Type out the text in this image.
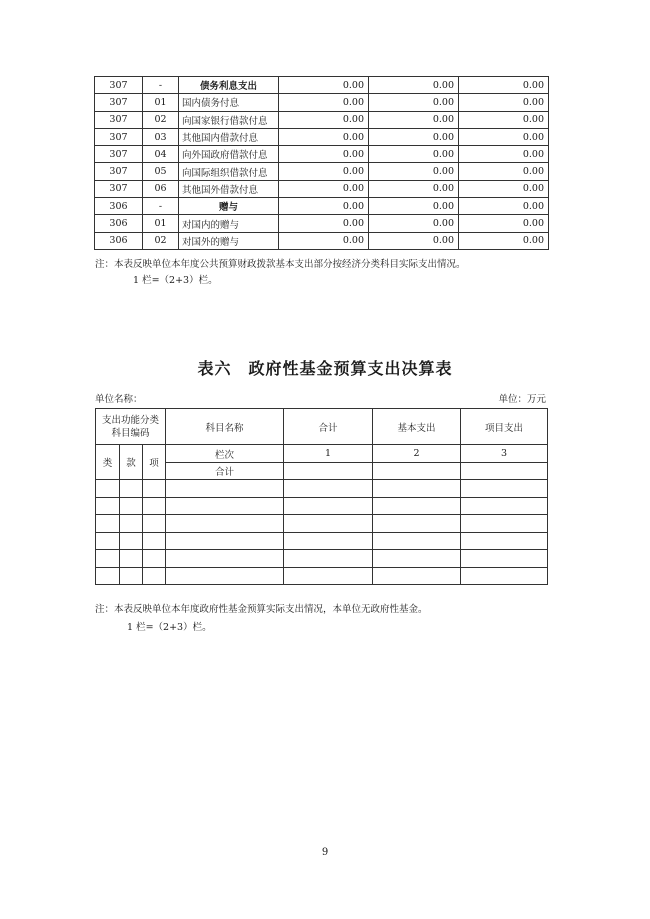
307	-	债务利息支出	0.00	0.00	0.00
307	01	国内债务付息	0.00	0.00	0.00
307	02	向国家银行借款付息	0.00	0.00	0.00
307	03	其他国内借款付息	0.00	0.00	0.00
307	04	向外国政府借款付息	0.00	0.00	0.00
307	05	向国际组织借款付息	0.00	0.00	0.00
307	06	其他国外借款付息	0.00	0.00	0.00
306	-	赠与	0.00	0.00	0.00
306	01	对国内的赠与	0.00	0.00	0.00
306	02	对国外的赠与	0.00	0.00	0.00
注：本表反映单位本年度公共预算财政拨款基本支出部分按经济分类科目实际支出情况。
1 栏=（2+3）栏。
表六　政府性基金预算支出决算表
单位名称：	单位：万元
支出功能分类科目编码			科目名称	合计	基本支出	项目支出
类	款	项	栏次	1	2	3
			合计			

注：本表反映单位本年度政府性基金预算实际支出情况，本单位无政府性基金。
1 栏=（2+3）栏。
9
